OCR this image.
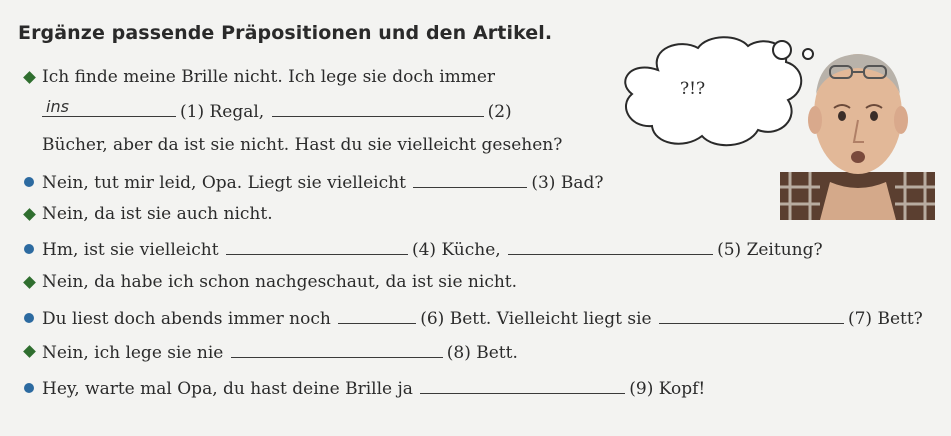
Ergänze passende Präpositionen und den Artikel.
Ich finde meine Brille nicht. Ich lege sie doch immer
ins	(1) Regal,	(2)
Bücher, aber da ist sie nicht. Hast du sie vielleicht gesehen?
Nein, tut mir leid, Opa. Liegt sie vielleicht	(3) Bad?
Nein, da ist sie auch nicht.
Hm, ist sie vielleicht	(4) Küche,	(5) Zeitung?
Nein, da habe ich schon nachgeschaut, da ist sie nicht.
Du liest doch abends immer noch	(6) Bett. Vielleicht liegt sie	(7) Bett?
Nein, ich lege sie nie	(8) Bett.
Hey, warte mal Opa, du hast deine Brille ja	(9) Kopf!
?!?
